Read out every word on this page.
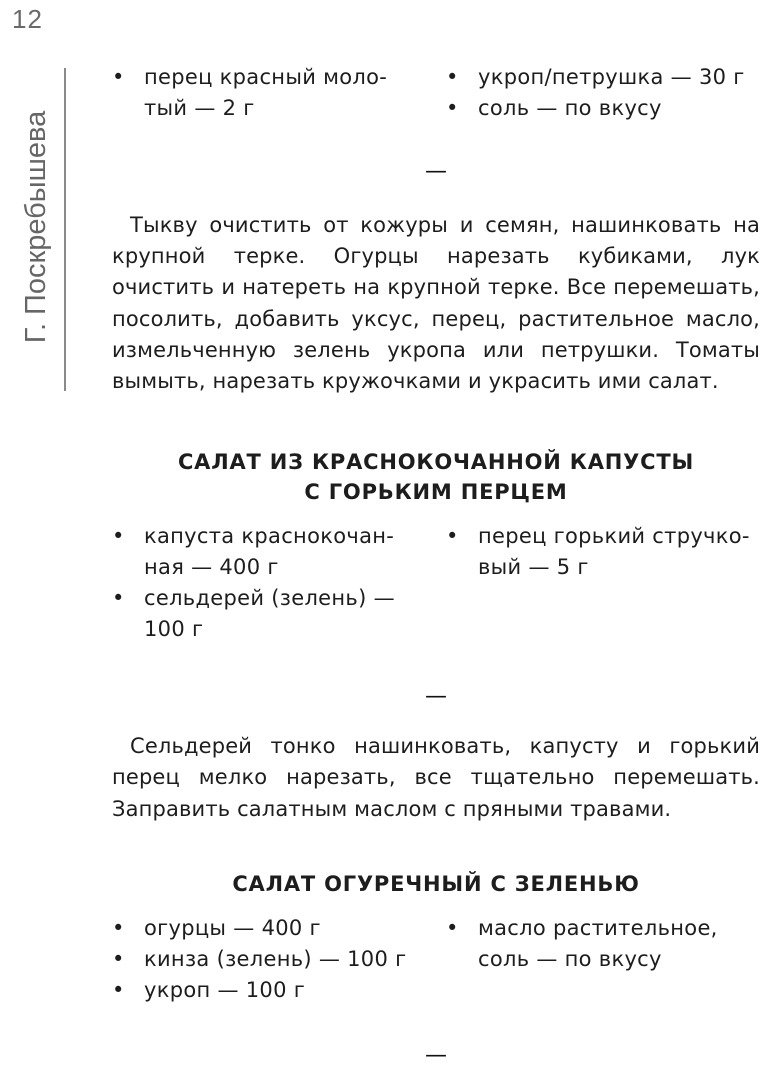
12
Г. Поскребышева
• перец красный моло-
тый — 2 г
• укроп/петрушка — 30 г
• соль — по вкусу
—

Тыкву очистить от кожуры и семян, нашинковать на крупной терке. Огурцы нарезать кубиками, лук очистить и натереть на крупной терке. Все перемешать, посолить, добавить уксус, перец, растительное масло, измельченную зелень укропа или петрушки. Томаты вымыть, нарезать кружочками и украсить ими салат.

САЛАТ ИЗ КРАСНОКОЧАННОЙ КАПУСТЫ

С ГОРЬКИМ ПЕРЦЕМ

• капуста краснокочан-
ная — 400 г
• сельдерей (зелень) —
100 г
• перец горький стручко-
вый — 5 г
—

Сельдерей тонко нашинковать, капусту и горький перец мелко нарезать, все тщательно перемешать. Заправить салатным маслом с пряными травами.

САЛАТ ОГУРЕЧНЫЙ С ЗЕЛЕНЬЮ

• огурцы — 400 г
• кинза (зелень) — 100 г
• укроп — 100 г
• масло растительное,
соль — по вкусу
—
